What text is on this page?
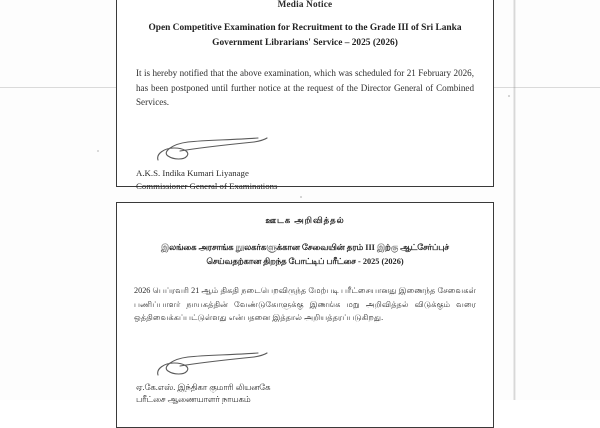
Media Notice
Open Competitive Examination for Recruitment to the Grade III of Sri Lanka
Government Librarians' Service – 2025 (2026)

It is hereby notified that the above examination, which was scheduled for 21 February 2026, has been postponed until further notice at the request of the Director General of Combined Services.

A.K.S. Indika Kumari Liyanage
Commissioner General of Examinations
ஊடக அறிவித்தல்
இலங்கை அரசாங்க நூலகர்களுக்கான சேவையின் தரம் III இற்கு ஆட்சேர்ப்புச்
செய்வதற்கான திறந்த போட்டிப் பரீட்சை - 2025 (2026)

2026 பெப்ரவரி 21 ஆம் திகதி நடைபெறவிருந்த மேற்படி பரீட்சையானது இணைந்த சேவைகள் பணிப்பாளர் நாயகத்தின் வேண்டுகோளுக்கு இணங்க மறு அறிவித்தல் விடுக்கும் வரை ஒத்திவைக்கப்பட்டுள்ளது என்பதனை இத்தால் அறியத்தரப்படுகிறது.

ஏ.கே.எஸ். இந்திகா குமாரி லியனகே
பரீட்சை ஆணையாளர் நாயகம்
